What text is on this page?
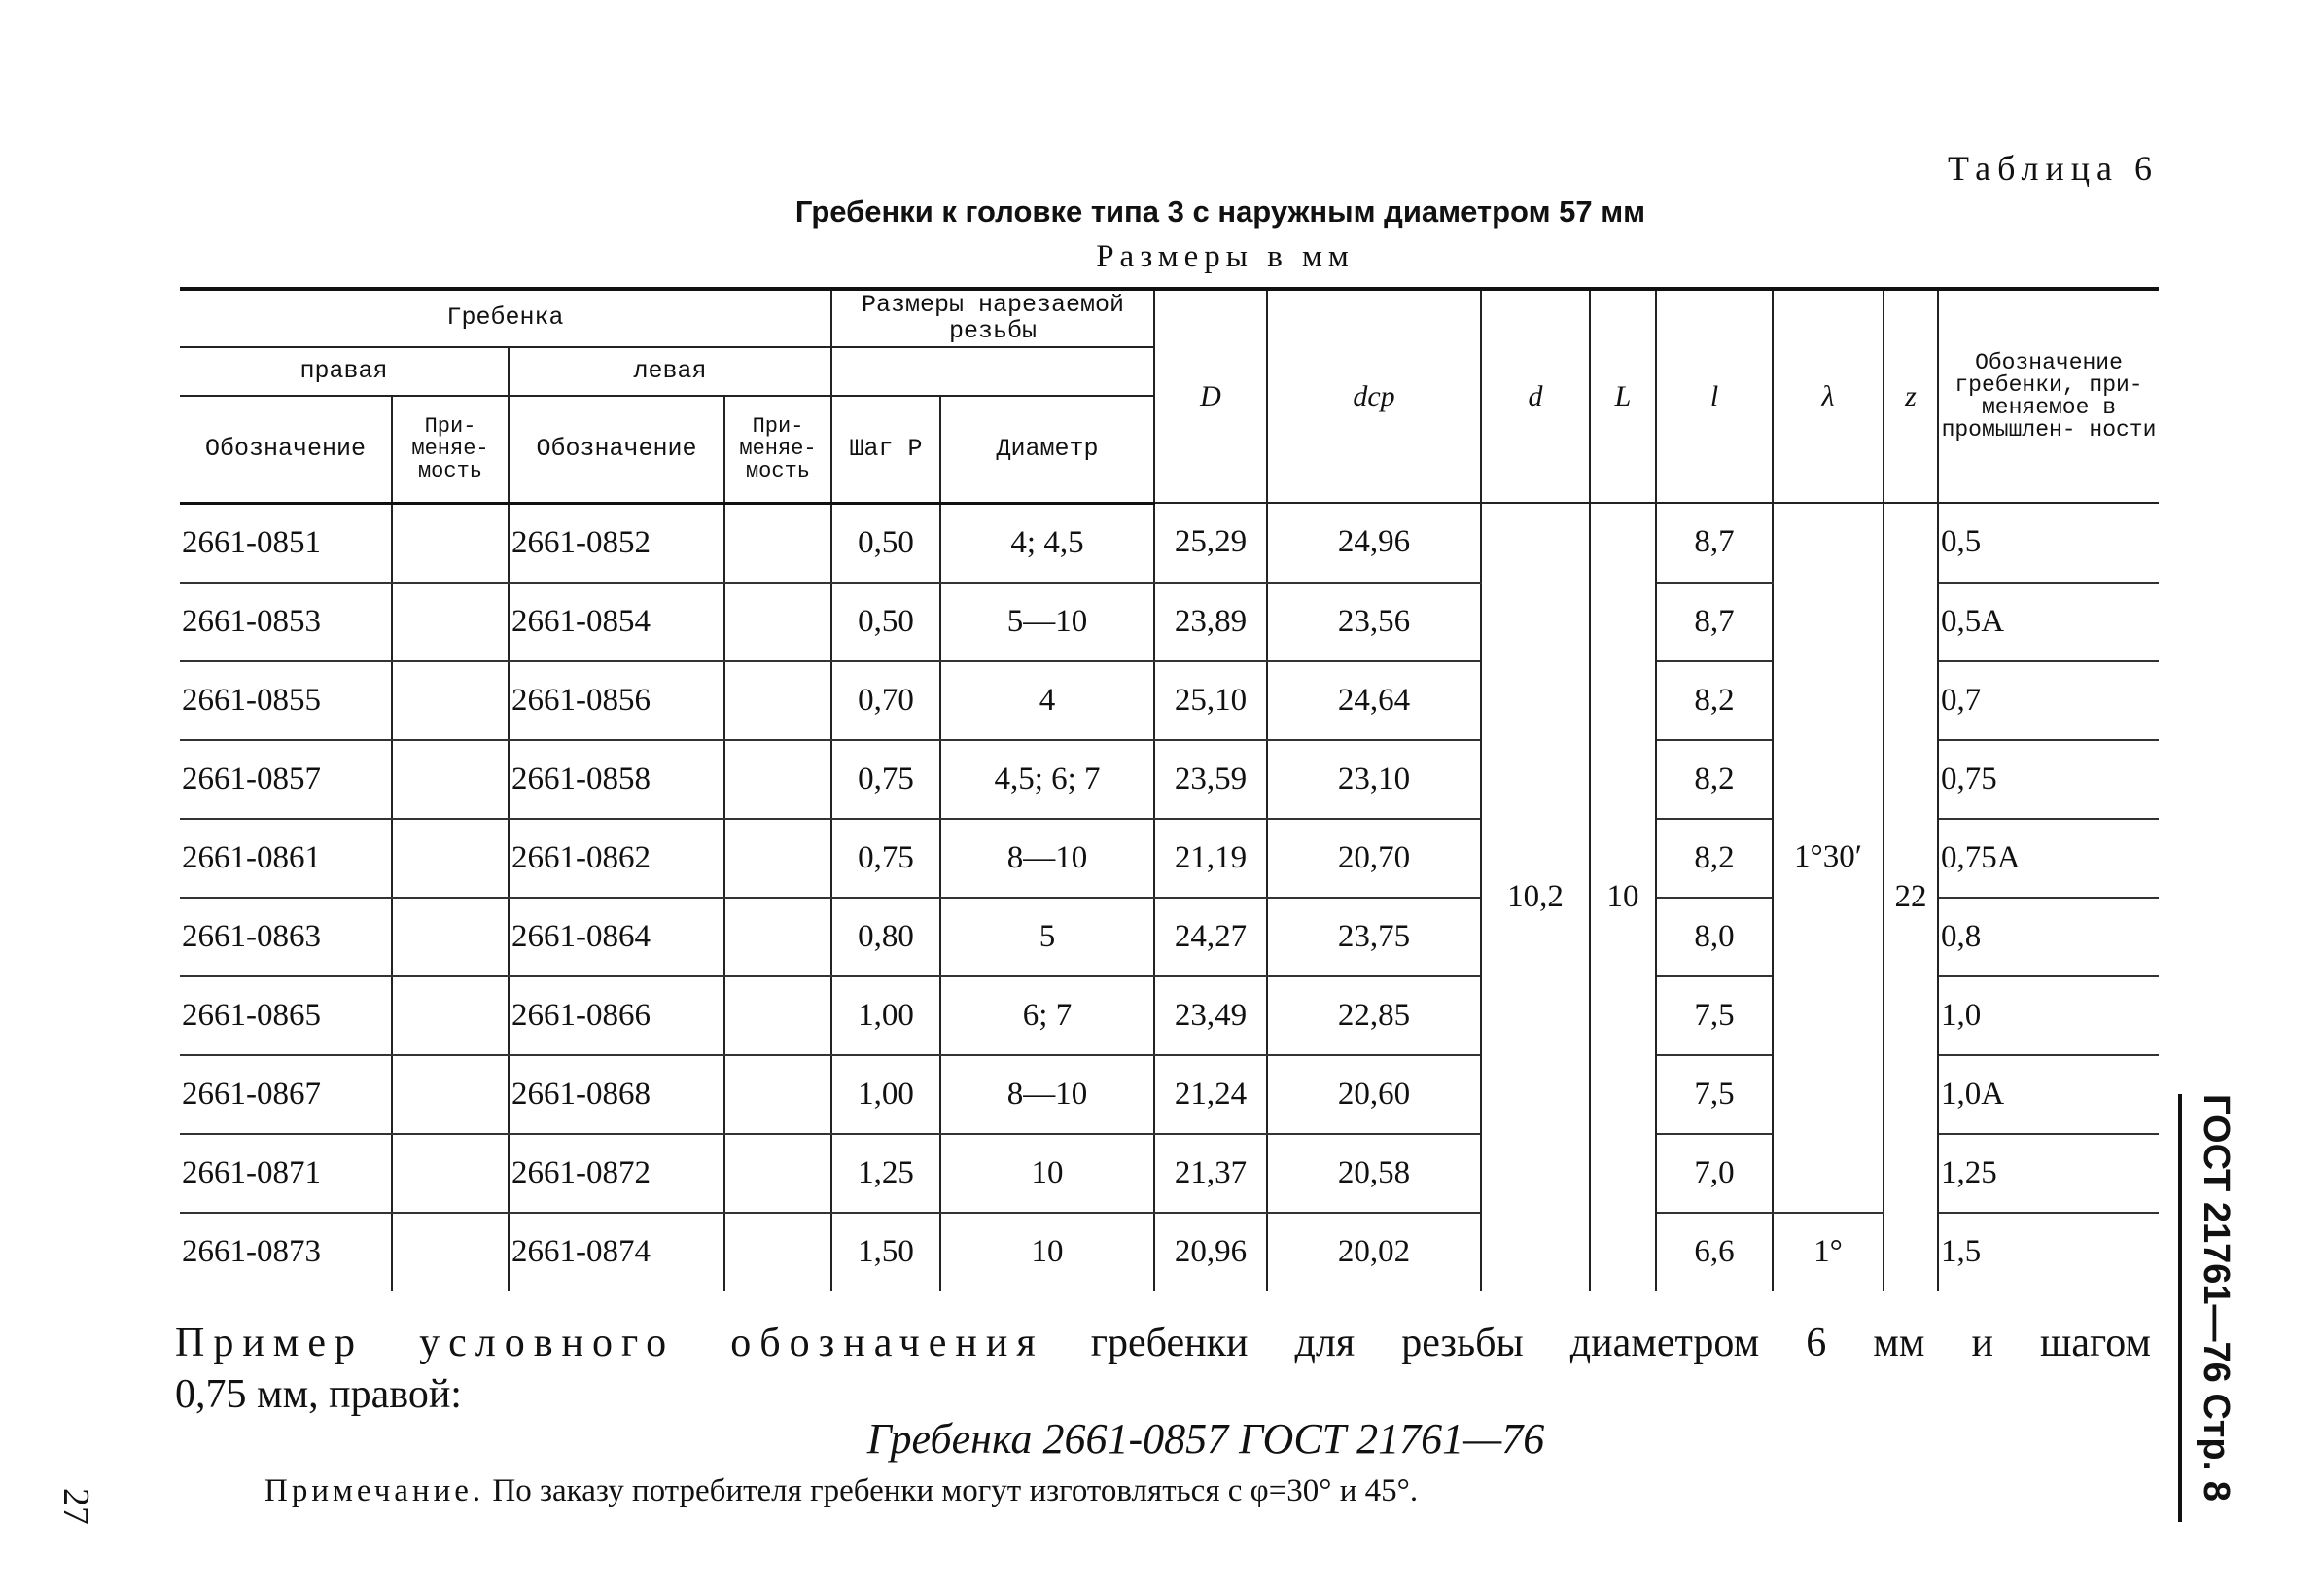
Таблица 6
Гребенки к головке типа 3 с наружным диаметром 57 мм
Размеры в мм
Гребенка				Размеры нарезаемой резьбы		D	dср	d	L	l	λ	z	Обозначение гребенки, при- меняемое в промышлен- ности
правая		левая											
Обозначение	При- меняе- мость	Обозначение	При- меняе- мость	Шаг P	Диаметр								
2661-0851		2661-0852		0,50	4; 4,5	25,29	24,96	10,2	10	8,7	1°30′	22	0,5
2661-0853		2661-0854		0,50	5—10	23,89	23,56			8,7			0,5A
2661-0855		2661-0856		0,70	4	25,10	24,64			8,2			0,7
2661-0857		2661-0858		0,75	4,5; 6; 7	23,59	23,10			8,2			0,75
2661-0861		2661-0862		0,75	8—10	21,19	20,70			8,2			0,75A
2661-0863		2661-0864		0,80	5	24,27	23,75			8,0			0,8
2661-0865		2661-0866		1,00	6; 7	23,49	22,85			7,5			1,0
2661-0867		2661-0868		1,00	8—10	21,24	20,60			7,5			1,0A
2661-0871		2661-0872		1,25	10	21,37	20,58			7,0			1,25
2661-0873		2661-0874		1,50	10	20,96	20,02			6,6	1°		1,5
Пример условного обозначения гребенки для резьбы диаметром 6 мм и шагом
0,75 мм, правой:
Гребенка 2661-0857 ГОСТ 21761—76
Примечание. По заказу потребителя гребенки могут изготовляться с φ=30° и 45°.
27
ГОСТ 21761—76 Стр. 8
